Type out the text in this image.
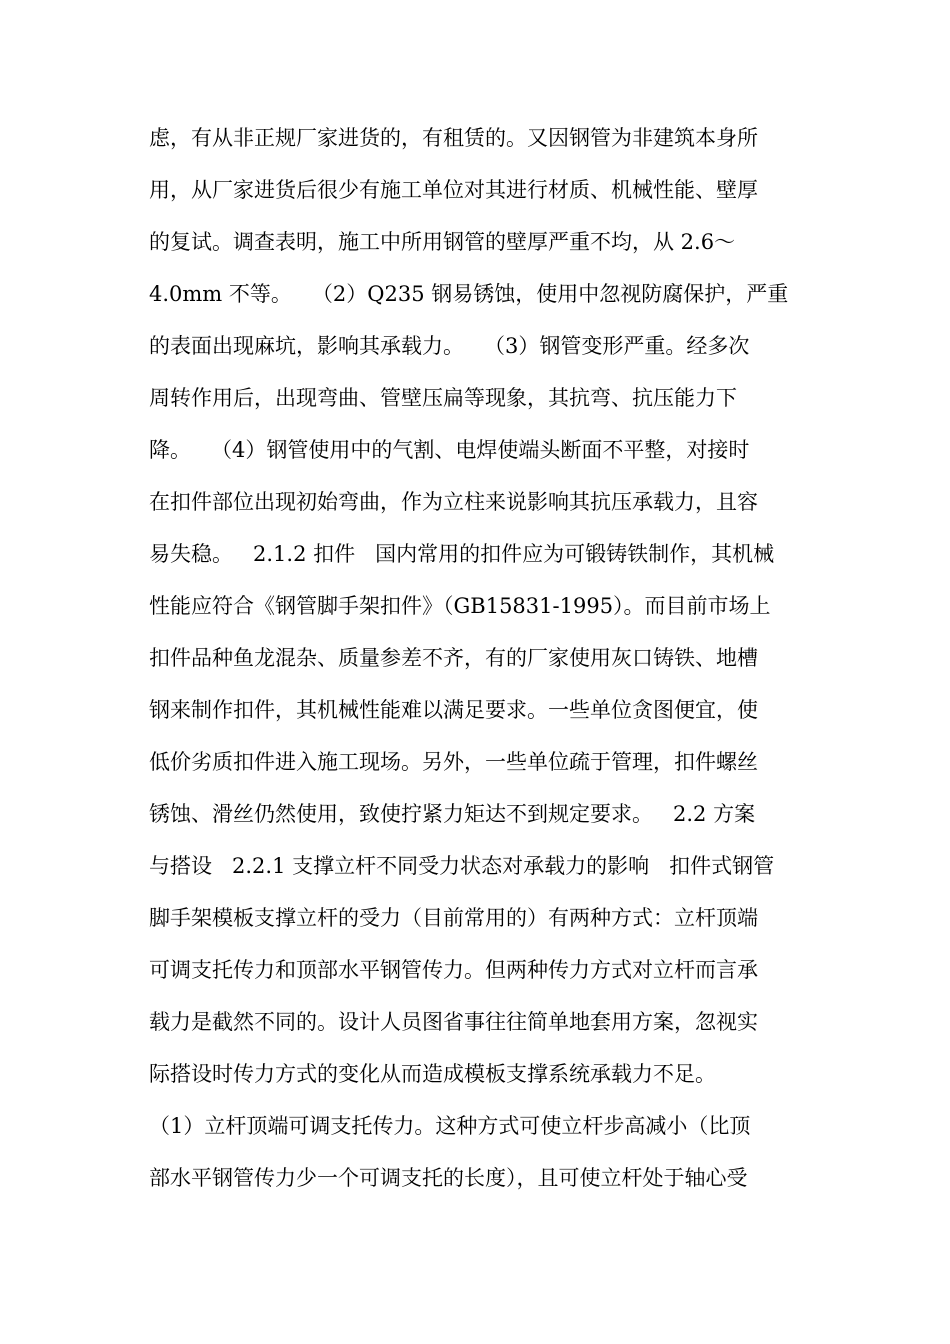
虑，有从非正规厂家进货的，有租赁的。又因钢管为非建筑本身所
用，从厂家进货后很少有施工单位对其进行材质、机械性能、壁厚
的复试。调查表明，施工中所用钢管的壁厚严重不均，从 2.6～
4.0mm 不等。   （2）Q235 钢易锈蚀，使用中忽视防腐保护，严重
的表面出现麻坑，影响其承载力。   （3）钢管变形严重。经多次
周转作用后，出现弯曲、管壁压扁等现象，其抗弯、抗压能力下
降。   （4）钢管使用中的气割、电焊使端头断面不平整，对接时
在扣件部位出现初始弯曲，作为立柱来说影响其抗压承载力，且容
易失稳。   2.1.2 扣件   国内常用的扣件应为可锻铸铁制作，其机械
性能应符合《钢管脚手架扣件》（GB15831-1995）。而目前市场上
扣件品种鱼龙混杂、质量参差不齐，有的厂家使用灰口铸铁、地槽
钢来制作扣件，其机械性能难以满足要求。一些单位贪图便宜，使
低价劣质扣件进入施工现场。另外，一些单位疏于管理，扣件螺丝
锈蚀、滑丝仍然使用，致使拧紧力矩达不到规定要求。   2.2 方案
与搭设   2.2.1 支撑立杆不同受力状态对承载力的影响   扣件式钢管
脚手架模板支撑立杆的受力（目前常用的）有两种方式：立杆顶端
可调支托传力和顶部水平钢管传力。但两种传力方式对立杆而言承
载力是截然不同的。设计人员图省事往往简单地套用方案，忽视实
际搭设时传力方式的变化从而造成模板支撑系统承载力不足。
（1）立杆顶端可调支托传力。这种方式可使立杆步高减小（比顶
部水平钢管传力少一个可调支托的长度），且可使立杆处于轴心受
